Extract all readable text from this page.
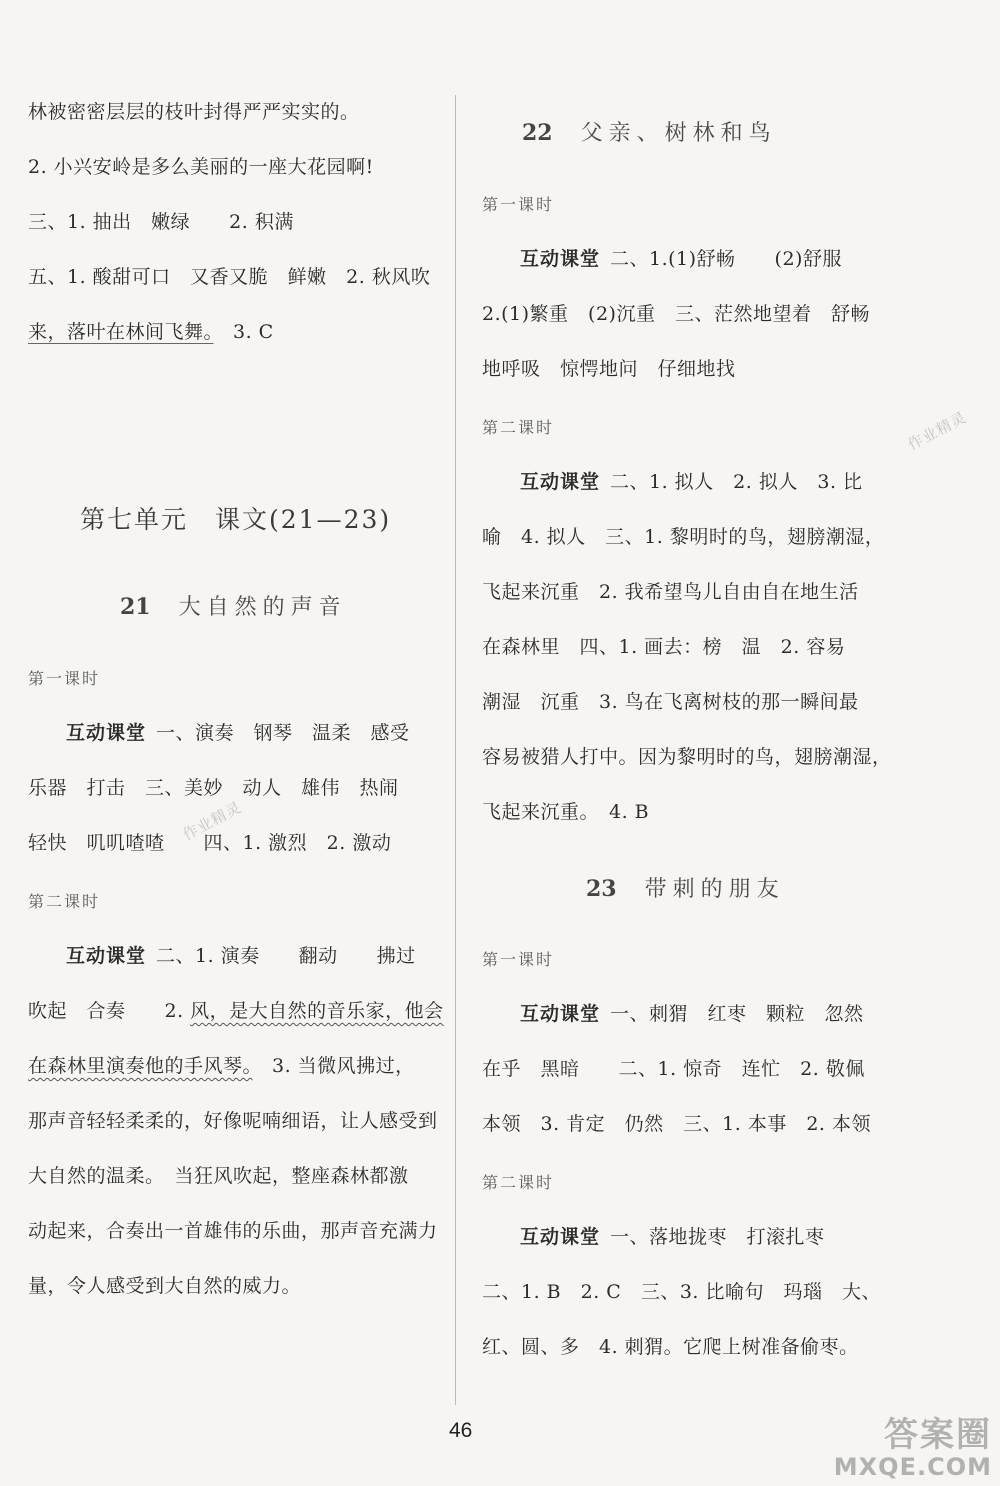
林被密密层层的枝叶封得严严实实的。
2. 小兴安岭是多么美丽的一座大花园啊!
三、1. 抽出　嫩绿　　2. 积满
五、1. 酸甜可口　又香又脆　鲜嫩　2. 秋风吹
来，落叶在林间飞舞。　3. C
第七单元　课文(21—23)
21 大自然的声音
第一课时
互动课堂 一、演奏　钢琴　温柔　感受
乐器　打击　三、美妙　动人　雄伟　热闹
轻快　叽叽喳喳　　四、1. 激烈　2. 激动
第二课时
互动课堂 二、1. 演奏　　翻动　　拂过
吹起　合奏　　2. 风，是大自然的音乐家，他会
在森林里演奏他的手风琴。　3. 当微风拂过，
那声音轻轻柔柔的，好像呢喃细语，让人感受到
大自然的温柔。　当狂风吹起，整座森林都激
动起来，合奏出一首雄伟的乐曲，那声音充满力
量，令人感受到大自然的威力。
22 父亲、树林和鸟
第一课时
互动课堂 二、1.(1)舒畅　　(2)舒服
2.(1)繁重　(2)沉重　三、茫然地望着　舒畅
地呼吸　惊愕地问　仔细地找
第二课时
互动课堂 二、1. 拟人　2. 拟人　3. 比
喻　4. 拟人　三、1. 黎明时的鸟，翅膀潮湿，
飞起来沉重　2. 我希望鸟儿自由自在地生活
在森林里　四、1. 画去：榜　温　2. 容易
潮湿　沉重　3. 鸟在飞离树枝的那一瞬间最
容易被猎人打中。因为黎明时的鸟，翅膀潮湿，
飞起来沉重。　4. B
23 带刺的朋友
第一课时
互动课堂 一、刺猬　红枣　颗粒　忽然
在乎　黑暗　　二、1. 惊奇　连忙　2. 敬佩
本领　3. 肯定　仍然　三、1. 本事　2. 本领
第二课时
互动课堂 一、落地拢枣　打滚扎枣
二、1. B　2. C　三、3. 比喻句　玛瑙　大、
红、圆、多　4. 刺猬。它爬上树准备偷枣。
46
作业精灵
作业精灵
答案圈
MXQE.COM
